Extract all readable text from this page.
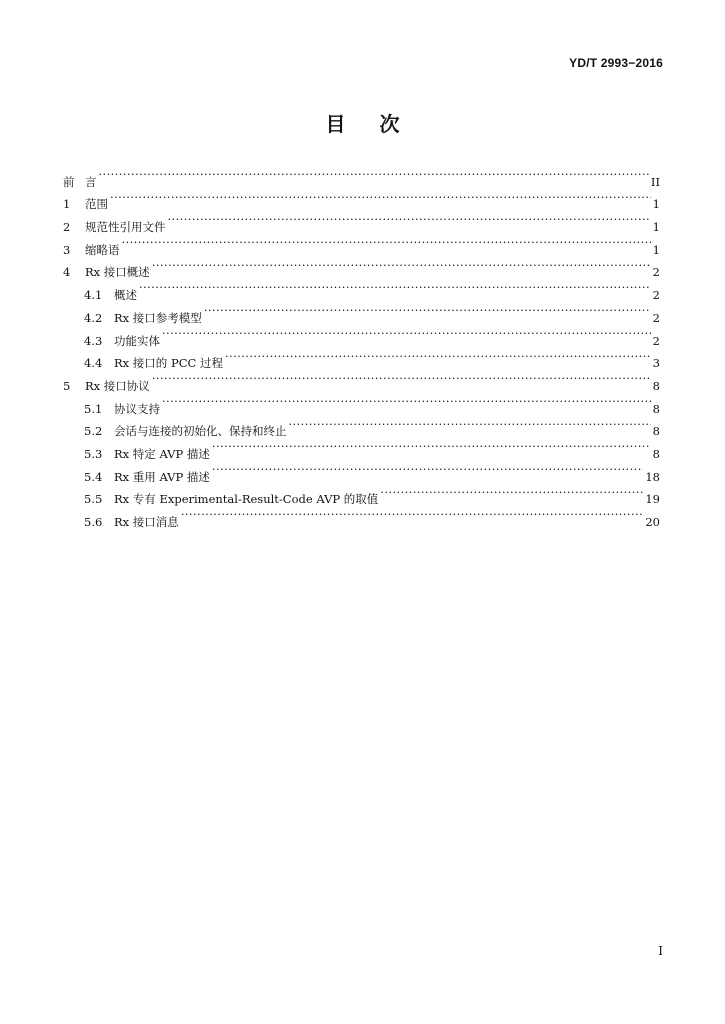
YD/T 2993−2016
目 次
前 言 ·····	II
1	范围 ·····	1
2	规范性引用文件 ·····	1
3	缩略语 ·····	1
4	Rx 接口概述 ·····	2
4.1	概述 ·····	2
4.2	Rx 接口参考模型 ·····	2
4.3	功能实体 ·····	2
4.4	Rx 接口的 PCC 过程 ·····	3
5	Rx 接口协议 ·····	8
5.1	协议支持 ·····	8
5.2	会话与连接的初始化、保持和终止 ·····	8
5.3	Rx 特定 AVP 描述 ·····	8
5.4	Rx 重用 AVP 描述 ·····	18
5.5	Rx 专有 Experimental-Result-Code AVP 的取值 ·····	19
5.6	Rx 接口消息 ·····	20
I
